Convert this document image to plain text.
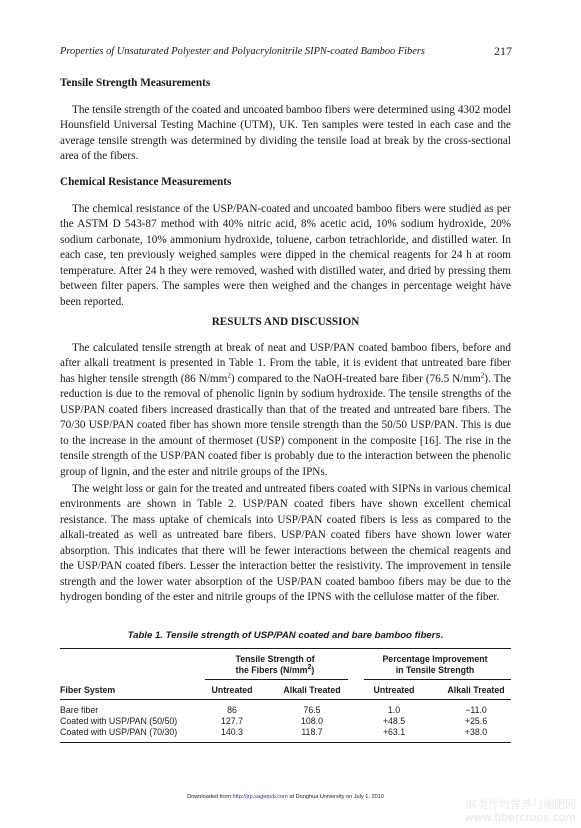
Properties of Unsaturated Polyester and Polyacrylonitrile SIPN-coated Bamboo Fibers	217
Tensile Strength Measurements

The tensile strength of the coated and uncoated bamboo fibers were determined using 4302 model Hounsfield Universal Testing Machine (UTM), UK. Ten samples were tested in each case and the average tensile strength was determined by dividing the tensile load at break by the cross-sectional area of the fibers.

Chemical Resistance Measurements

The chemical resistance of the USP/PAN-coated and uncoated bamboo fibers were studied as per the ASTM D 543-87 method with 40% nitric acid, 8% acetic acid, 10% sodium hydroxide, 20% sodium carbonate, 10% ammonium hydroxide, toluene, carbon tetrachloride, and distilled water. In each case, ten previously weighed samples were dipped in the chemical reagents for 24 h at room temperature. After 24 h they were removed, washed with distilled water, and dried by pressing them between filter papers. The samples were then weighed and the changes in percentage weight have been reported.

RESULTS AND DISCUSSION

The calculated tensile strength at break of neat and USP/PAN coated bamboo fibers, before and after alkali treatment is presented in Table 1. From the table, it is evident that untreated bare fiber has higher tensile strength (86 $N/mm^2$) compared to the NaOH-treated bare fiber (76.5 $N/mm^2$). The reduction is due to the removal of phenolic lignin by sodium hydroxide. The tensile strengths of the USP/PAN coated fibers increased drastically than that of the treated and untreated bare fibers. The 70/30 USP/PAN coated fiber has shown more tensile strength than the 50/50 USP/PAN. This is due to the increase in the amount of thermoset (USP) component in the composite [16]. The rise in the tensile strength of the USP/PAN coated fiber is probably due to the interaction between the phenolic group of lignin, and the ester and nitrile groups of the IPNs.

The weight loss or gain for the treated and untreated fibers coated with SIPNs in various chemical environments are shown in Table 2. USP/PAN coated fibers have shown excellent chemical resistance. The mass uptake of chemicals into USP/PAN coated fibers is less as compared to the alkali-treated as well as untreated bare fibers. USP/PAN coated fibers have shown lower water absorption. This indicates that there will be fewer interactions between the chemical reagents and the USP/PAN coated fibers. Lesser the interaction better the resistivity. The improvement in tensile strength and the lower water absorption of the USP/PAN coated bamboo fibers may be due to the hydrogen bonding of the ester and nitrile groups of the IPNS with the cellulose matter of the fiber.

Table 1. Tensile strength of USP/PAN coated and bare bamboo fibers.
Tensile Strength of
the Fibers $(N/mm^2)$
Percentage Improvement
in Tensile Strength
Fiber System	Untreated	Alkali Treated	Untreated	Alkali Treated
Bare fiber	86	76.5	1.0	−11.0
Coated with USP/PAN (50/50)	127.7	108.0	+48.5	+25.6
Coated with USP/PAN (70/30)	140.3	118.7	+63.1	+38.0
Downloaded from http://jrp.sagepub.com at Donghua University on July 1, 2010
麻类作物营养与施肥网
www.fibercrops.com
